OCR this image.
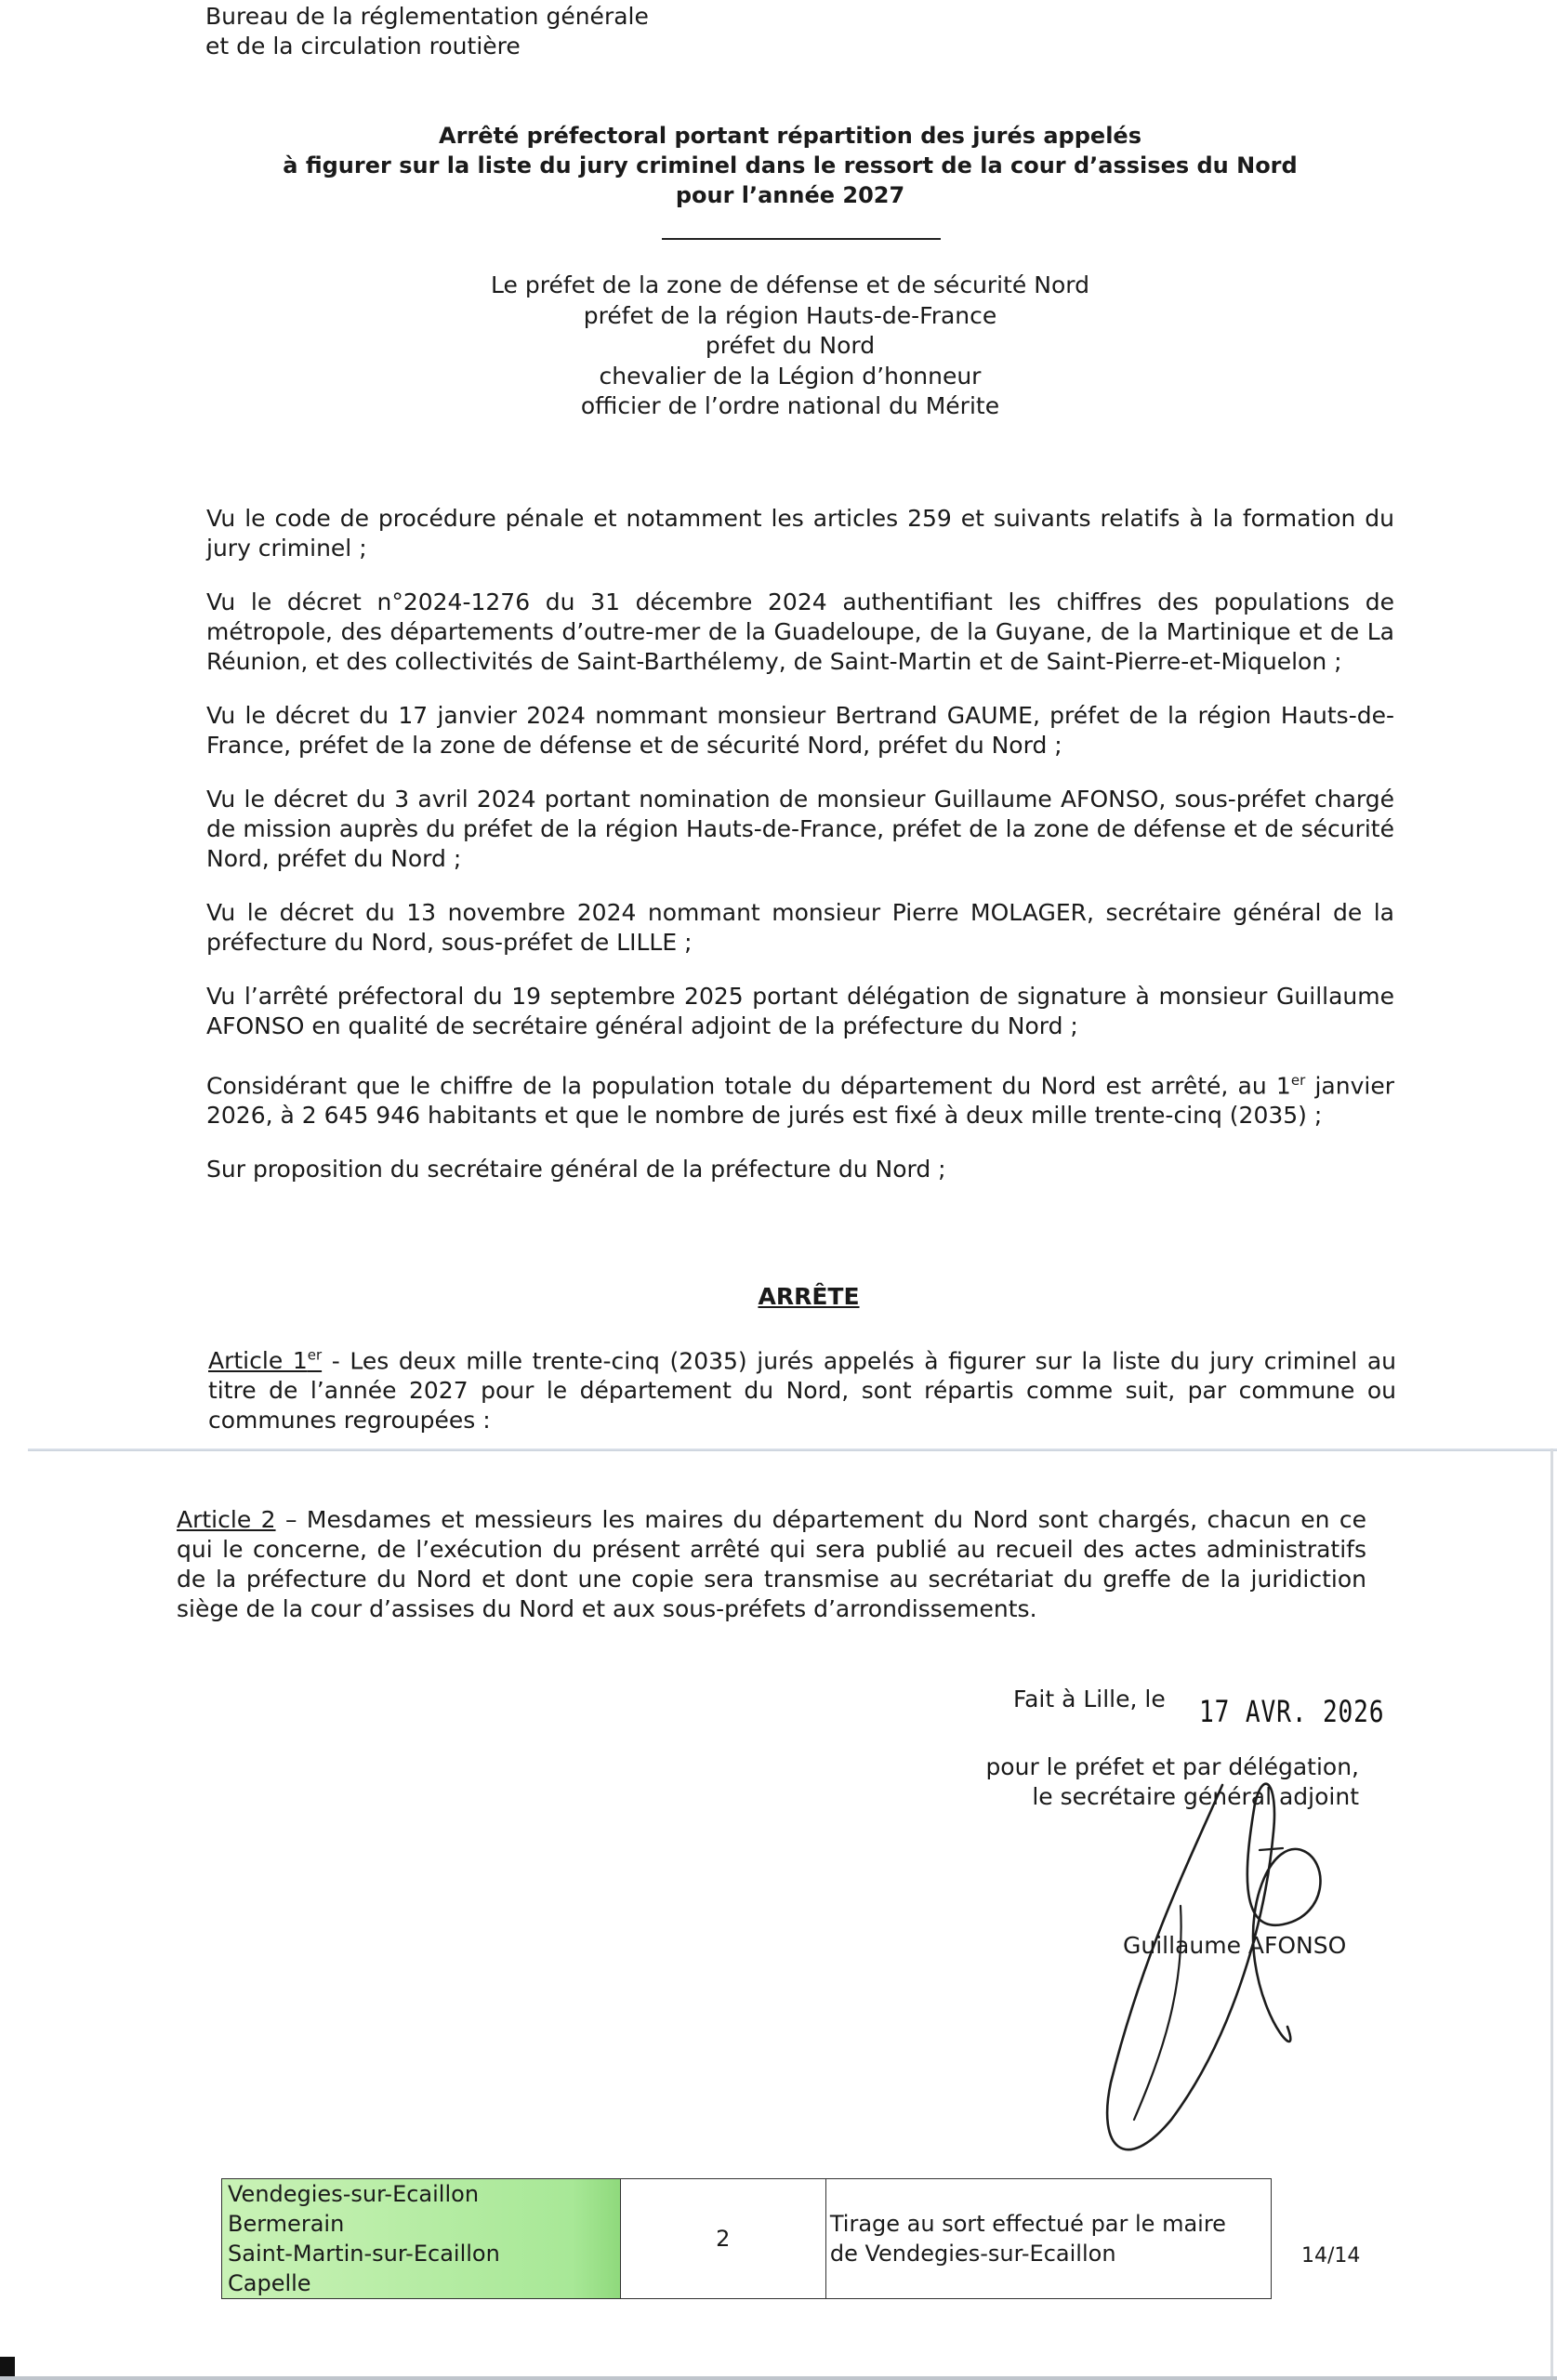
Bureau de la réglementation générale
et de la circulation routière
Arrêté préfectoral portant répartition des jurés appelés
à figurer sur la liste du jury criminel dans le ressort de la cour d’assises du Nord
pour l’année 2027
Le préfet de la zone de défense et de sécurité Nord
préfet de la région Hauts-de-France
préfet du Nord
chevalier de la Légion d’honneur
officier de l’ordre national du Mérite

Vu le code de procédure pénale et notamment les articles 259 et suivants relatifs à la formation du jury criminel ;

Vu le décret n°2024-1276 du 31 décembre 2024 authentifiant les chiffres des populations de métropole, des départements d’outre-mer de la Guadeloupe, de la Guyane, de la Martinique et de La Réunion, et des collectivités de Saint-Barthélemy, de Saint-Martin et de Saint-Pierre-et-Miquelon ;

Vu le décret du 17 janvier 2024 nommant monsieur Bertrand GAUME, préfet de la région Hauts-de-France, préfet de la zone de défense et de sécurité Nord, préfet du Nord ;

Vu le décret du 3 avril 2024 portant nomination de monsieur Guillaume AFONSO, sous-préfet chargé de mission auprès du préfet de la région Hauts-de-France, préfet de la zone de défense et de sécurité Nord, préfet du Nord ;

Vu le décret du 13 novembre 2024 nommant monsieur Pierre MOLAGER, secrétaire général de la préfecture du Nord, sous-préfet de LILLE ;

Vu l’arrêté préfectoral du 19 septembre 2025 portant délégation de signature à monsieur Guillaume AFONSO en qualité de secrétaire général adjoint de la préfecture du Nord ;

Considérant que le chiffre de la population totale du département du Nord est arrêté, au 1er janvier 2026, à 2 645 946 habitants et que le nombre de jurés est fixé à deux mille trente-cinq (2035) ;

Sur proposition du secrétaire général de la préfecture du Nord ;

ARRÊTE

Article 1er - Les deux mille trente-cinq (2035) jurés appelés à figurer sur la liste du jury criminel au titre de l’année 2027 pour le département du Nord, sont répartis comme suit, par commune ou communes regroupées :

Article 2 – Mesdames et messieurs les maires du département du Nord sont chargés, chacun en ce qui le concerne, de l’exécution du présent arrêté qui sera publié au recueil des actes administratifs de la préfecture du Nord et dont une copie sera transmise au secrétariat du greffe de la juridiction siège de la cour d’assises du Nord et aux sous-préfets d’arrondissements.

Fait à Lille, le 17 AVR. 2026
pour le préfet et par délégation,
le secrétaire général adjoint
Guillaume AFONSO
Vendegies-sur-Ecaillon
Bermerain
Saint-Martin-sur-Ecaillon
Capelle
	2	
Tirage au sort effectué par le maire
de Vendegies-sur-Ecaillon	14/14
